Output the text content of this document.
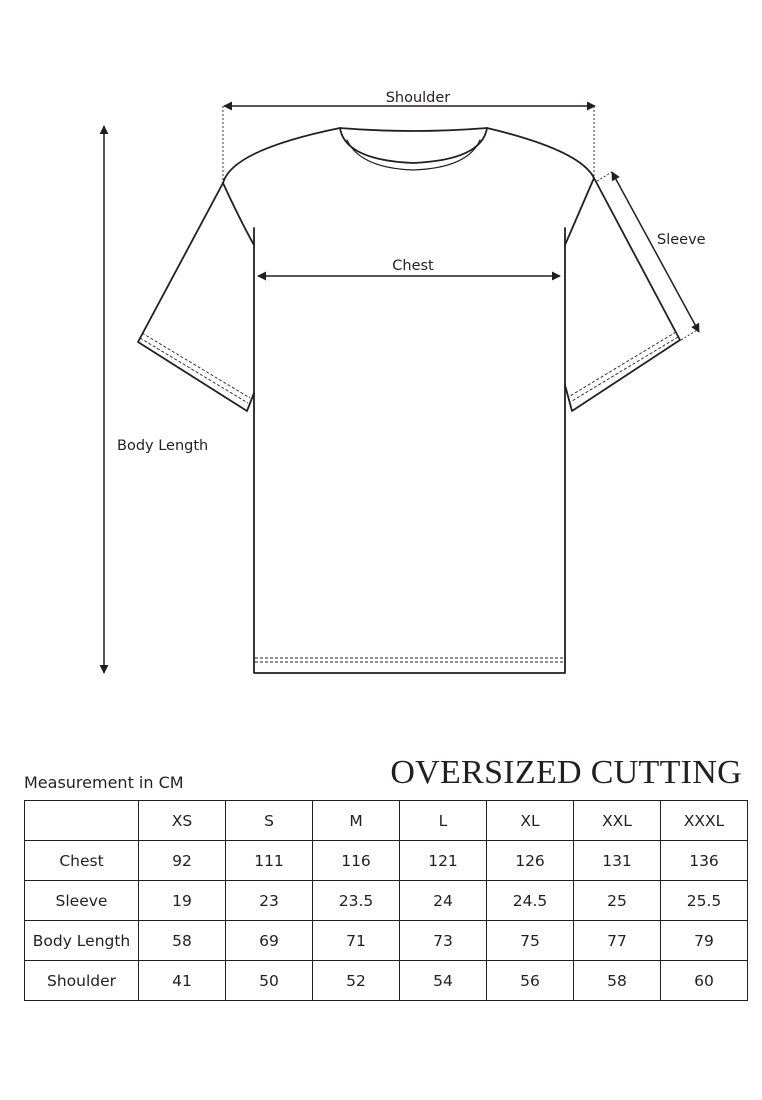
Shoulder
Chest
Sleeve
Body Length
Measurement in CM	OVERSIZED CUTTING
	XS	S	M	L	XL	XXL	XXXL
Chest	92	111	116	121	126	131	136
Sleeve	19	23	23.5	24	24.5	25	25.5
Body Length	58	69	71	73	75	77	79
Shoulder	41	50	52	54	56	58	60
